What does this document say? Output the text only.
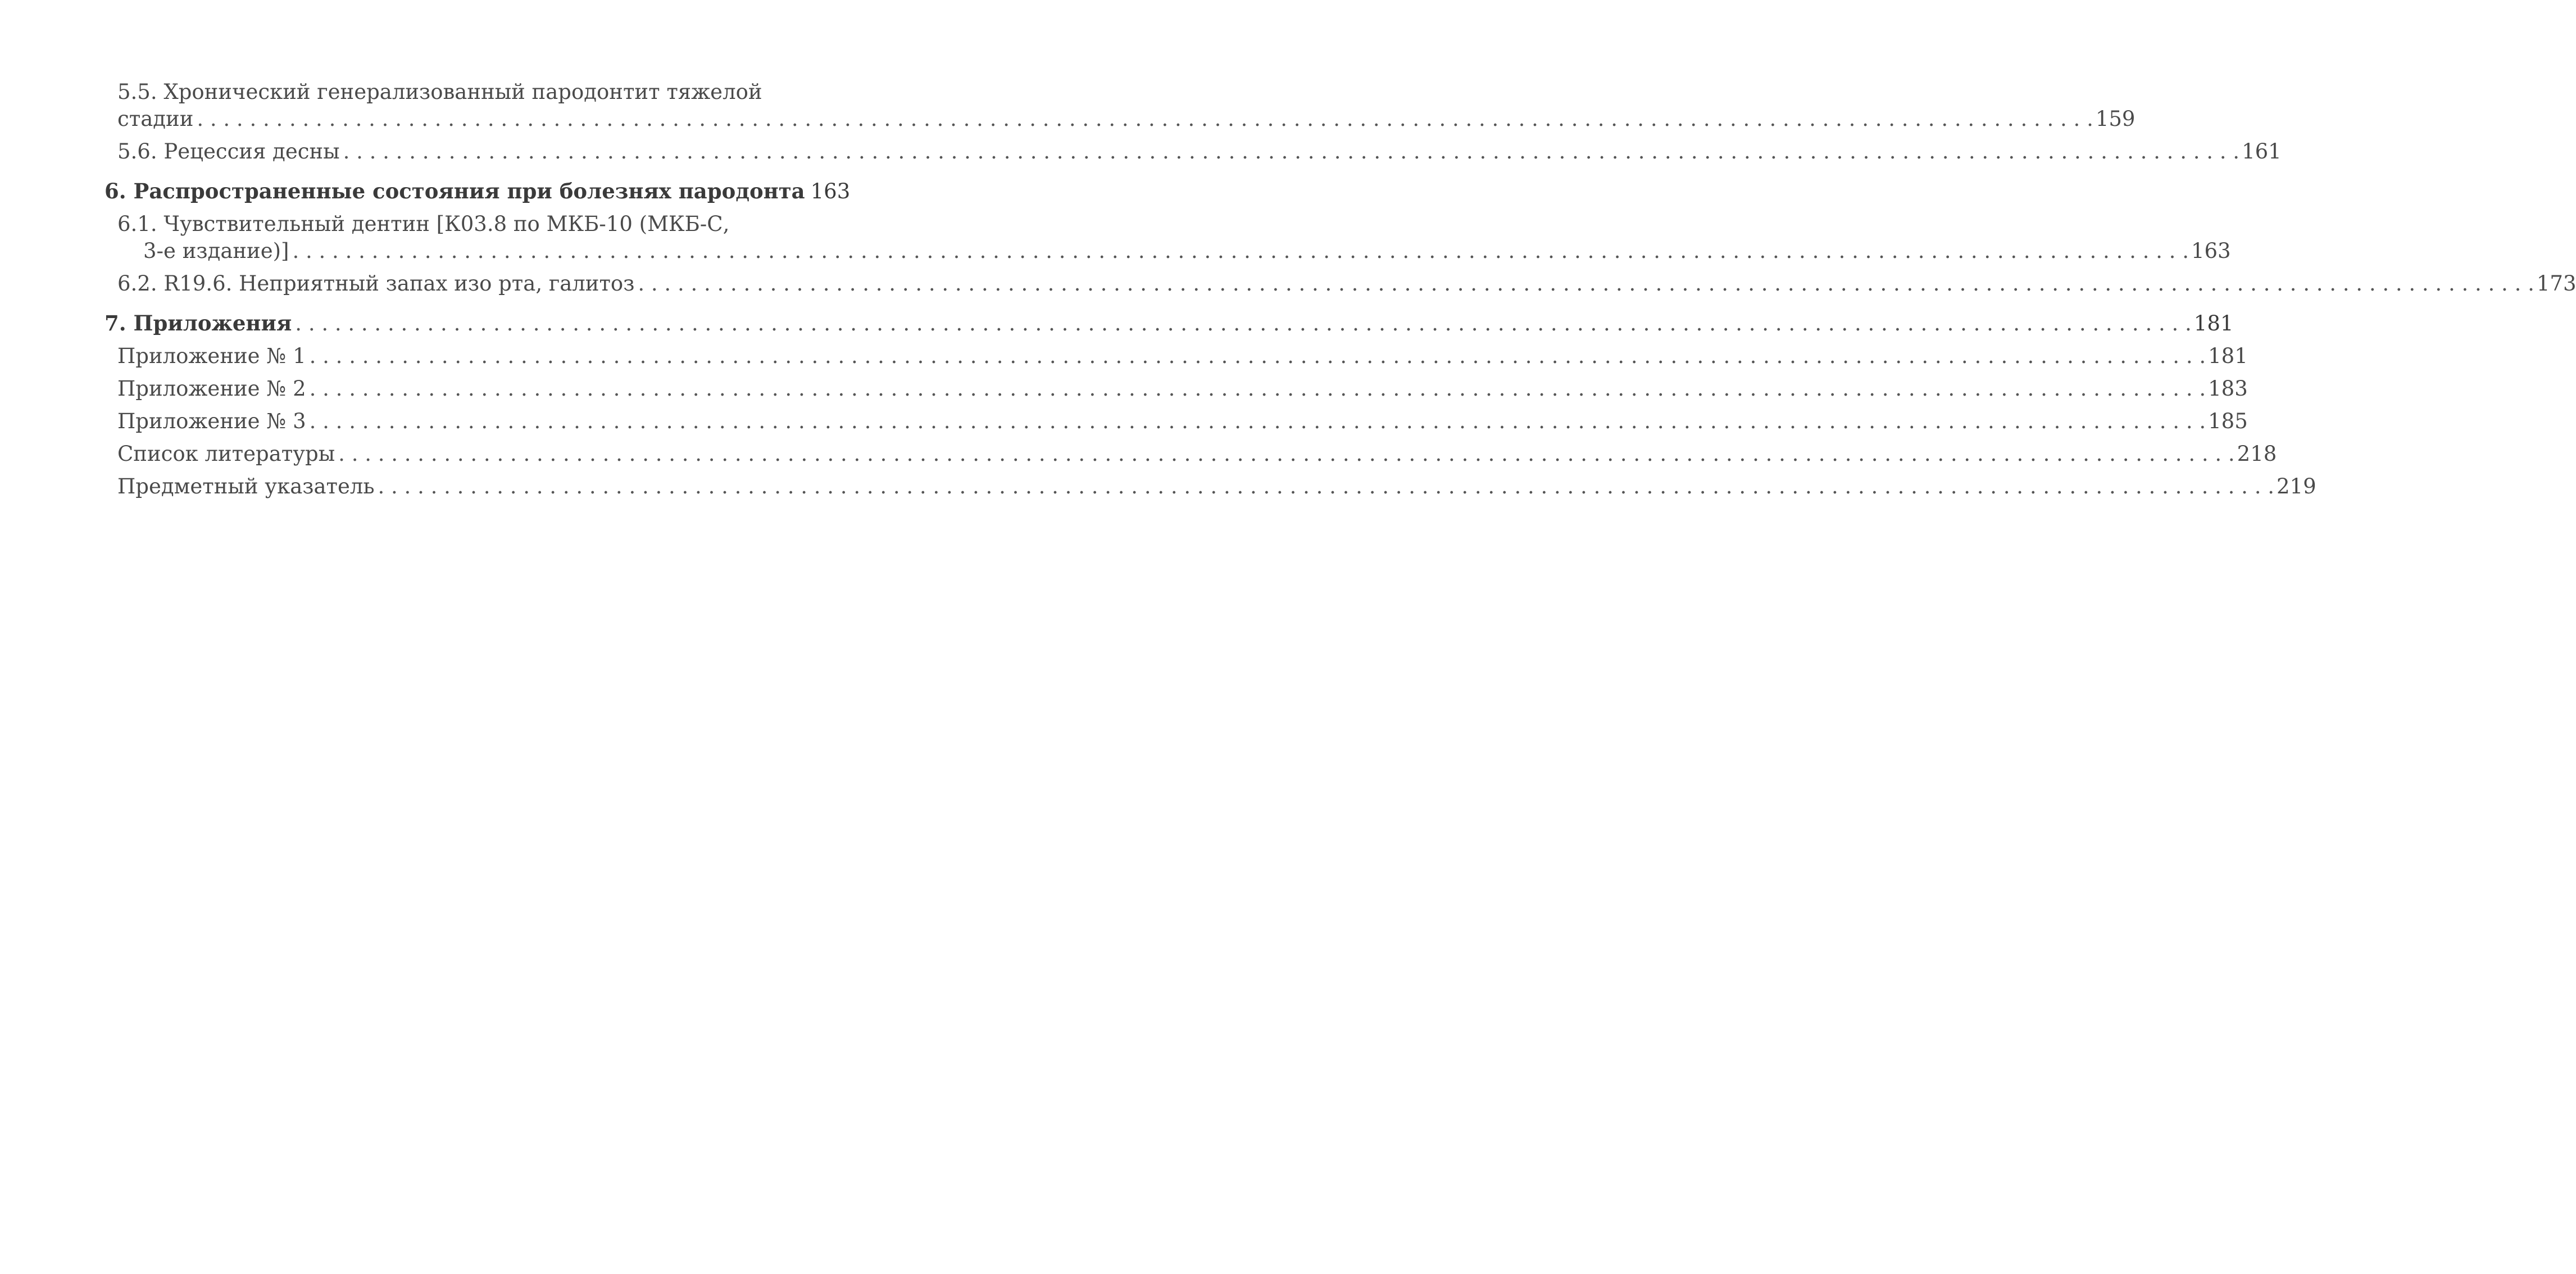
5.5. Хронический генерализованный пародонтит тяжелой
стадии . . .	159
5.6. Рецессия десны . . .	161
6. Распространенные состояния при болезнях пародонта 163
6.1. Чувствительный дентин [К03.8 по МКБ-10 (МКБ-С,
3-е издание)] . . .	163
6.2. R19.6. Неприятный запах изо рта, галитоз . . .	173
7. Приложения . . .	181
Приложение № 1 . . .	181
Приложение № 2 . . .	183
Приложение № 3 . . .	185
Список литературы . . .	218
Предметный указатель . . .	219
